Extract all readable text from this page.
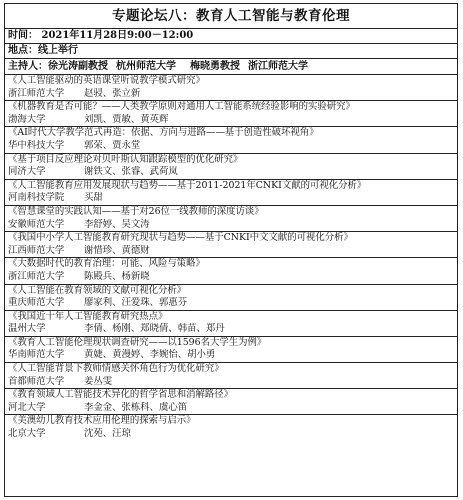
专题论坛八：教育人工智能与教育伦理
时间： 2021年11月28日9:00－12:00
地点：线上举行
主持人：徐光涛副教授 杭州师范大学 梅晓勇教授 浙江师范大学
《人工智能驱动的英语课堂听说教学模式研究》
浙江师范大学 赵骎、张立新
《机器教育是否可能？——人类教学原则对通用人工智能系统经验影响的实验研究》
渤海大学	刘凯、贾敏、黄英辉
《AI时代大学教学范式再造：依据、方向与进路——基于创造性破坏视角》
华中科技大学 郭荣、贾永堂
《基于项目反应理论对贝叶斯认知跟踪模型的优化研究》
同济大学	谢铁文、张睿、武荷岚
《人工智能教育应用发展现状与趋势——基于2011-2021年CNKI文献的可视化分析》
河南科技学院 买甜
《智慧课堂的实践认知——基于对26位一线教师的深度访谈》
安徽师范大学 李舒婷、吴文涛
《我国中小学人工智能教育研究现状与趋势——基于CNKI中文文献的可视化分析》
江西师范大学 谢惜珍、黄德财
《大数据时代的教育治理：可能、风险与策略》
浙江师范大学 陈殿兵、杨新晓
《人工智能在教育领域的文献可视化分析》
重庆师范大学 廖家利、汪爱珠、郭惠芬
《我国近十年人工智能教育研究热点》
温州大学	李倩、杨刚、郑晓倩、韩苗、郑丹
《教育人工智能伦理现状调查研究——以1596名大学生为例》
华南师范大学 黄婕、黄漫婷、李婉怡、胡小勇
《人工智能背景下教师情感关怀角色行为优化研究》
首都师范大学 姜丛雯
《教育领域人工智能技术异化的哲学省思和消解路径》
河北大学	李金金、张栋科、虞心笛
《美澳幼儿教育技术应用伦理的探索与启示》
北京大学	沈苑、汪琼
